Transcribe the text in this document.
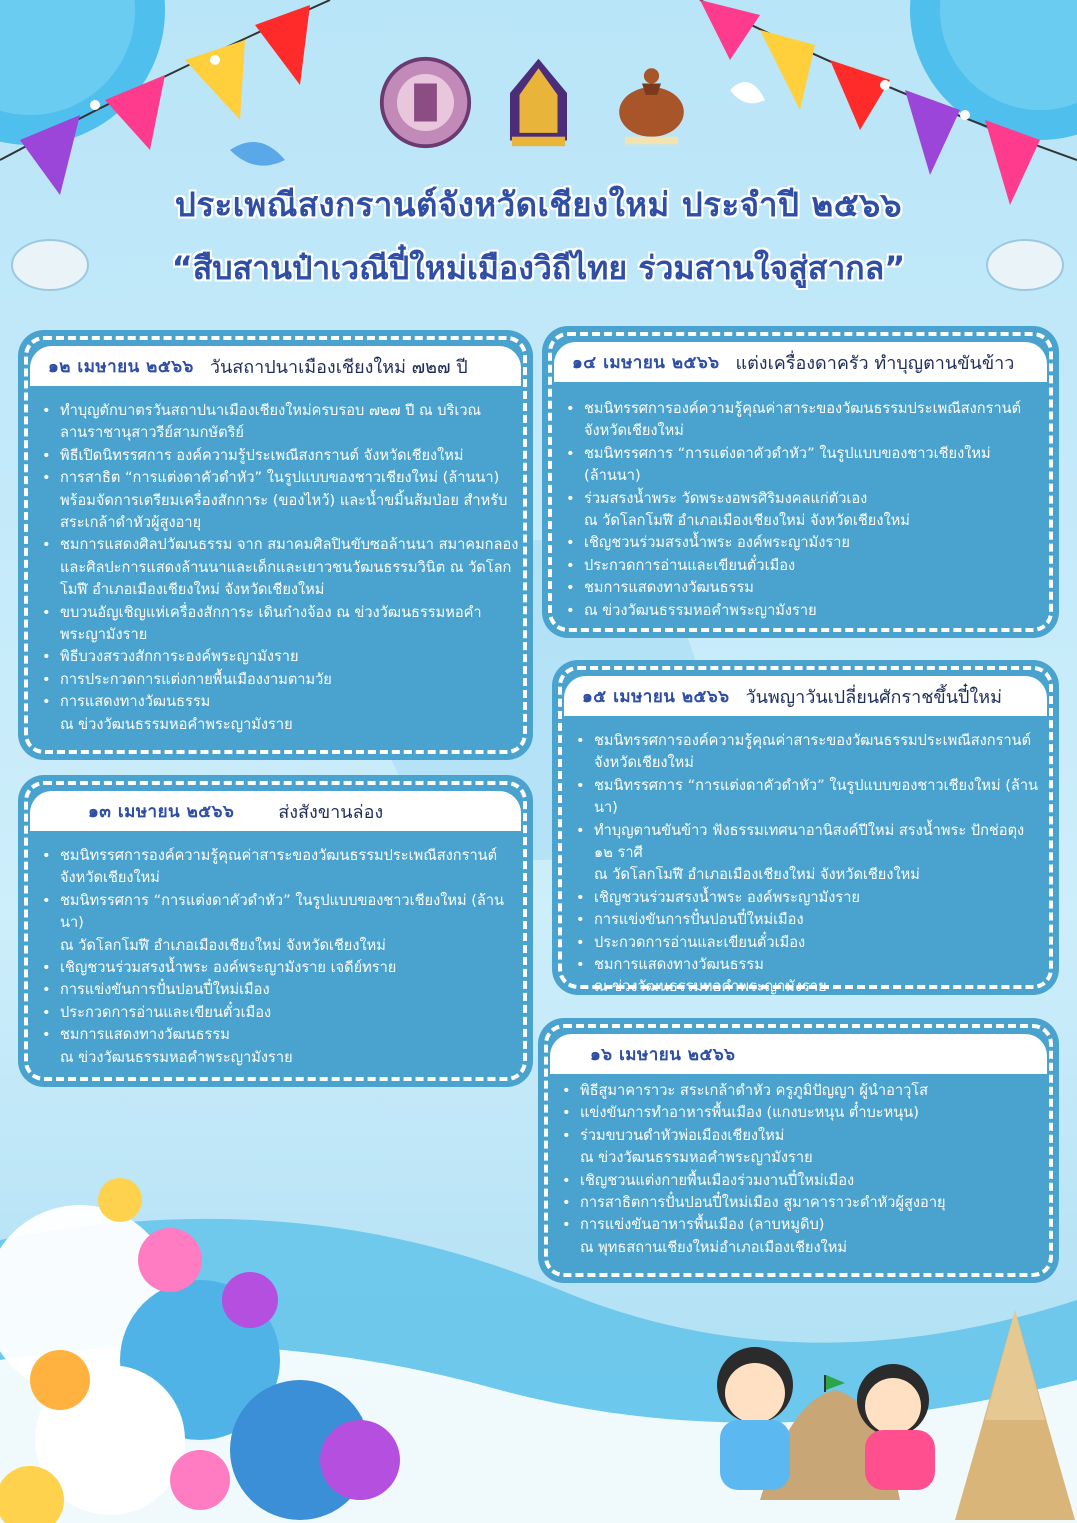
ประเพณีสงกรานต์จังหวัดเชียงใหม่ ประจำปี ๒๕๖๖
“สืบสานป๋าเวณีปี๋ใหม่เมืองวิถีไทย ร่วมสานใจสู่สากล”
๑๒ เมษายน ๒๕๖๖ วันสถาปนาเมืองเชียงใหม่ ๗๒๗ ปี
• ทำบุญตักบาตรวันสถาปนาเมืองเชียงใหม่ครบรอบ ๗๒๗ ปี ณ บริเวณ
ลานราชานุสาวรีย์สามกษัตริย์
• พิธีเปิดนิทรรศการ องค์ความรู้ประเพณีสงกรานต์ จังหวัดเชียงใหม่
• การสาธิต “การแต่งดาคัวดำหัว” ในรูปแบบของชาวเชียงใหม่ (ล้านนา)
พร้อมจัดการเตรียมเครื่องสักการะ (ของไหว้) และน้ำขมิ้นส้มป่อย สำหรับ
สระเกล้าดำหัวผู้สูงอายุ
• ชมการแสดงศิลปวัฒนธรรม จาก สมาคมศิลปินขับซอล้านนา สมาคมกลอง
และศิลปะการแสดงล้านนาและเด็กและเยาวชนวัฒนธรรมวินิต ณ วัดโลก
โมฬี อำเภอเมืองเชียงใหม่ จังหวัดเชียงใหม่
• ขบวนอัญเชิญแห่เครื่องสักการะ เดินก๋างจ้อง ณ ข่วงวัฒนธรรมหอคำ
พระญามังราย
• พิธีบวงสรวงสักการะองค์พระญามังราย
• การประกวดการแต่งกายพื้นเมืองงามตามวัย
• การแสดงทางวัฒนธรรม
ณ ข่วงวัฒนธรรมหอคำพระญามังราย
๑๓ เมษายน ๒๕๖๖ ส่งสังขานล่อง
• ชมนิทรรศการองค์ความรู้คุณค่าสาระของวัฒนธรรมประเพณีสงกรานต์
จังหวัดเชียงใหม่
• ชมนิทรรศการ “การแต่งดาคัวดำหัว” ในรูปแบบของชาวเชียงใหม่ (ล้านนา)
ณ วัดโลกโมฬี อำเภอเมืองเชียงใหม่ จังหวัดเชียงใหม่
• เชิญชวนร่วมสรงน้ำพระ องค์พระญามังราย เจดีย์ทราย
• การแข่งขันการปั๋นปอนปี๋ใหม่เมือง
• ประกวดการอ่านและเขียนตั๋วเมือง
• ชมการแสดงทางวัฒนธรรม
ณ ข่วงวัฒนธรรมหอคำพระญามังราย
๑๔ เมษายน ๒๕๖๖ แต่งเครื่องดาครัว ทำบุญตานขันข้าว
• ชมนิทรรศการองค์ความรู้คุณค่าสาระของวัฒนธรรมประเพณีสงกรานต์
จังหวัดเชียงใหม่
• ชมนิทรรศการ “การแต่งดาคัวดำหัว” ในรูปแบบของชาวเชียงใหม่
(ล้านนา)
• ร่วมสรงน้ำพระ วัดพระงอพรศิริมงคลแก่ตัวเอง
ณ วัดโลกโมฬี อำเภอเมืองเชียงใหม่ จังหวัดเชียงใหม่
• เชิญชวนร่วมสรงน้ำพระ องค์พระญามังราย
• ประกวดการอ่านและเขียนตั๋วเมือง
• ชมการแสดงทางวัฒนธรรม
• ณ ข่วงวัฒนธรรมหอคำพระญามังราย
๑๕ เมษายน ๒๕๖๖ วันพญาวันเปลี่ยนศักราชขึ้นปี๋ใหม่
• ชมนิทรรศการองค์ความรู้คุณค่าสาระของวัฒนธรรมประเพณีสงกรานต์
จังหวัดเชียงใหม่
• ชมนิทรรศการ “การแต่งดาคัวดำหัว” ในรูปแบบของชาวเชียงใหม่ (ล้านนา)
• ทำบุญตานขันข้าว ฟังธรรมเทศนาอานิสงค์ปีใหม่ สรงน้ำพระ ปักช่อตุง
๑๒ ราศี
ณ วัดโลกโมฬี อำเภอเมืองเชียงใหม่ จังหวัดเชียงใหม่
• เชิญชวนร่วมสรงน้ำพระ องค์พระญามังราย
• การแข่งขันการปั๋นปอนปี๋ใหม่เมือง
• ประกวดการอ่านและเขียนตั๋วเมือง
• ชมการแสดงทางวัฒนธรรม
ณ ข่วงวัฒนธรรมหอคำพระญามังราย
๑๖ เมษายน ๒๕๖๖
• พิธีสูมาคาราวะ สระเกล้าดำหัว ครูภูมิปัญญา ผู้นำอาวุโส
• แข่งขันการทำอาหารพื้นเมือง (แกงบะหนุน ต๋ำบะหนุน)
• ร่วมขบวนดำหัวพ่อเมืองเชียงใหม่
ณ ข่วงวัฒนธรรมหอคำพระญามังราย
• เชิญชวนแต่งกายพื้นเมืองร่วมงานปี๋ใหม่เมือง
• การสาธิตการปั๋นปอนปี๋ใหม่เมือง สูมาคาราวะดำหัวผู้สูงอายุ
• การแข่งขันอาหารพื้นเมือง (ลาบหมูดิบ)
ณ พุทธสถานเชียงใหม่อำเภอเมืองเชียงใหม่
